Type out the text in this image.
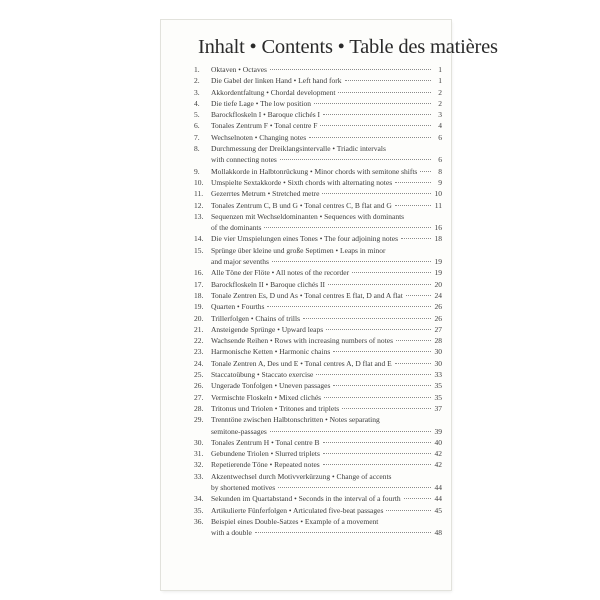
Inhalt • Contents • Table des matières
1.	Oktaven • Octaves	1
2.	Die Gabel der linken Hand • Left hand fork	1
3.	Akkordentfaltung • Chordal development	2
4.	Die tiefe Lage • The low position	2
5.	Barockfloskeln I • Baroque clichés I	3
6.	Tonales Zentrum F • Tonal centre F	4
7.	Wechselnoten • Changing notes	6
8.	Durchmessung der Dreiklangsintervalle • Triadic intervals
with connecting notes	6
9.	Mollakkorde in Halbtonrückung • Minor chords with semitone shifts	8
10.	Umspielte Sextakkorde • Sixth chords with alternating notes	9
11.	Gezerrtes Metrum • Stretched metre	10
12.	Tonales Zentrum C, B und G • Tonal centres C, B flat and G	11
13.	Sequenzen mit Wechseldominanten • Sequences with dominants
of the dominants	16
14.	Die vier Umspielungen eines Tones • The four adjoining notes	18
15.	Sprünge über kleine und große Septimen • Leaps in minor
and major sevenths	19
16.	Alle Töne der Flöte • All notes of the recorder	19
17.	Barockfloskeln II • Baroque clichés II	20
18.	Tonale Zentren Es, D und As • Tonal centres E flat, D and A flat	24
19.	Quarten • Fourths	26
20.	Trillerfolgen • Chains of trills	26
21.	Ansteigende Sprünge • Upward leaps	27
22.	Wachsende Reihen • Rows with increasing numbers of notes	28
23.	Harmonische Ketten • Harmonic chains	30
24.	Tonale Zentren A, Des und E • Tonal centres A, D flat and E	30
25.	Staccatoübung • Staccato exercise	33
26.	Ungerade Tonfolgen • Uneven passages	35
27.	Vermischte Floskeln • Mixed clichés	35
28.	Tritonus und Triolen • Tritones and triplets	37
29.	Trenntöne zwischen Halbtonschritten • Notes separating
semitone-passages	39
30.	Tonales Zentrum H • Tonal centre B	40
31.	Gebundene Triolen • Slurred triplets	42
32.	Repetierende Töne • Repeated notes	42
33.	Akzentwechsel durch Motivverkürzung • Change of accents
by shortened motives	44
34.	Sekunden im Quartabstand • Seconds in the interval of a fourth	44
35.	Artikulierte Fünferfolgen • Articulated five-beat passages	45
36.	Beispiel eines Double-Satzes • Example of a movement
with a double	48
